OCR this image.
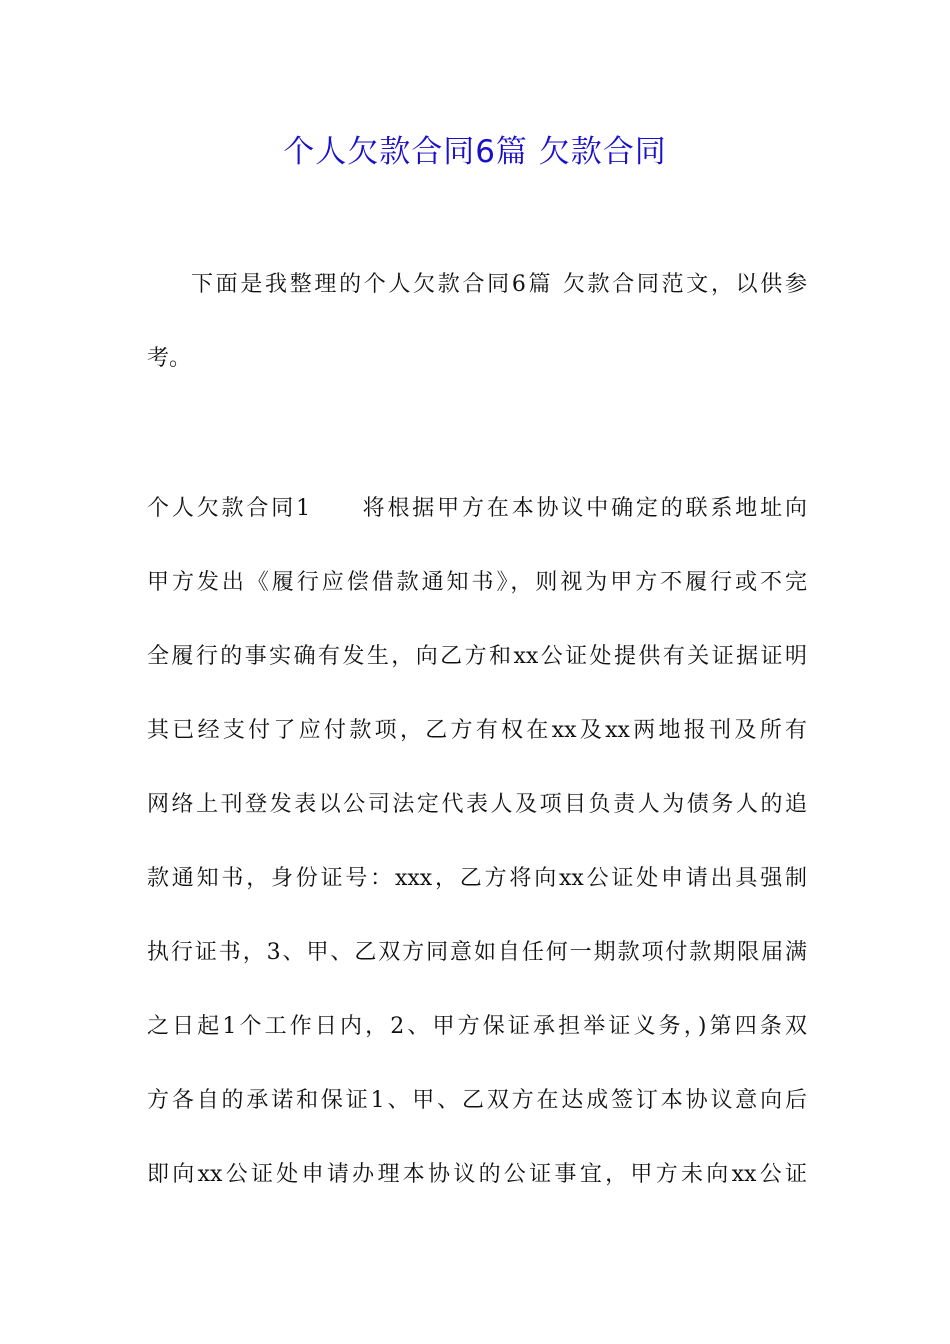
个人欠款合同6篇 欠款合同
下面是我整理的个人欠款合同6篇 欠款合同范文，以供参
考。
个人欠款合同1　　将根据甲方在本协议中确定的联系地址向
甲方发出《履行应偿借款通知书》，则视为甲方不履行或不完
全履行的事实确有发生，向乙方和xx公证处提供有关证据证明
其已经支付了应付款项，乙方有权在xx及xx两地报刊及所有
网络上刊登发表以公司法定代表人及项目负责人为债务人的追
款通知书，身份证号：xxx，乙方将向xx公证处申请出具强制
执行证书，3、甲、乙双方同意如自任何一期款项付款期限届满
之日起1个工作日内，2、甲方保证承担举证义务，)第四条双
方各自的承诺和保证1、甲、乙双方在达成签订本协议意向后
即向xx公证处申请办理本协议的公证事宜，甲方未向xx公证
